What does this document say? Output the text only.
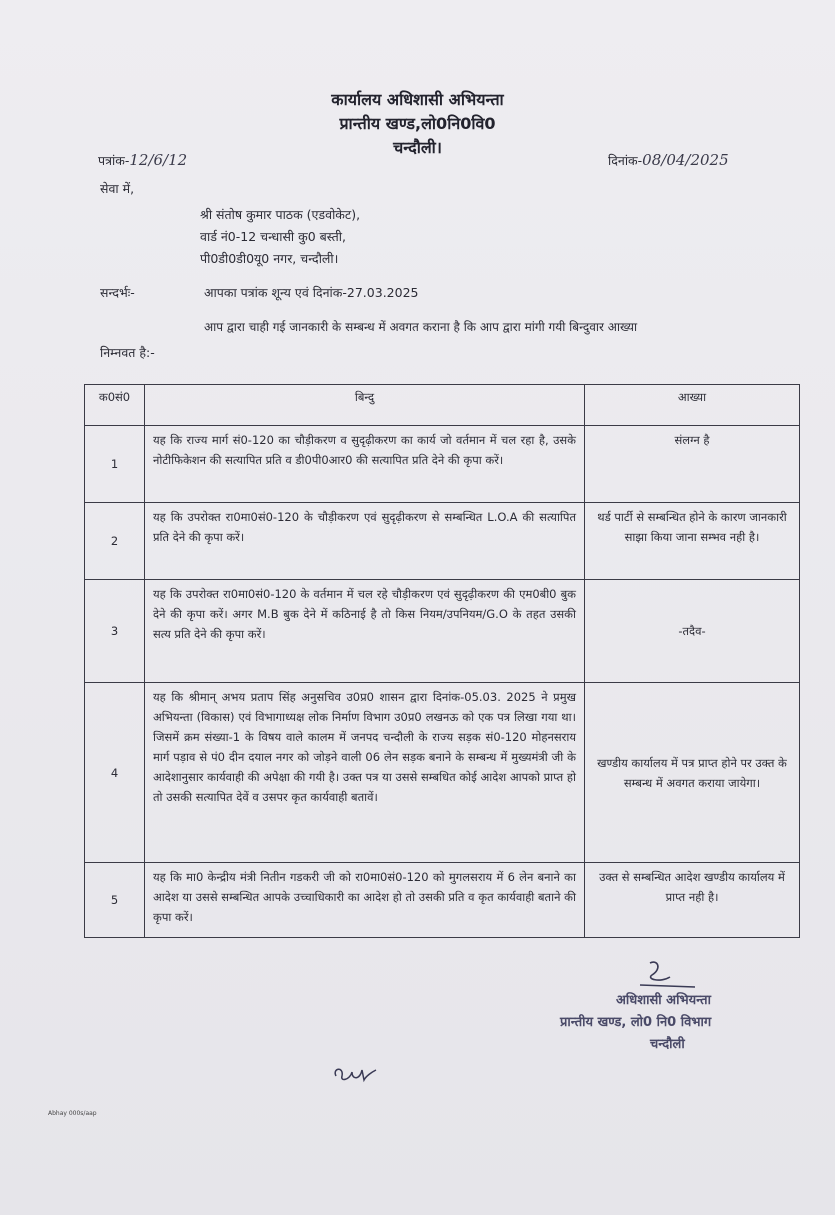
कार्यालय अधिशासी अभियन्ता
प्रान्तीय खण्ड,लो0नि0वि0
चन्दौली।
पत्रांक-12/6/12	दिनांक-08/04/2025
सेवा में,
श्री संतोष कुमार पाठक (एडवोकेट),
वार्ड नं0-12 चन्धासी कु0 बस्ती,
पी0डी0डी0यू0 नगर, चन्दौली।
सन्दर्भः-	आपका पत्रांक शून्य एवं दिनांक-27.03.2025
आप द्वारा चाही गई जानकारी के सम्बन्ध में अवगत कराना है कि आप द्वारा मांगी गयी बिन्दुवार आख्या
निम्नवत है:-
क0सं0	बिन्दु	आख्या
1	यह कि राज्य मार्ग सं0-120 का चौड़ीकरण व सुदृढ़ीकरण का कार्य जो वर्तमान में चल रहा है, उसके नोटीफिकेशन की सत्यापित प्रति व डी0पी0आर0 की सत्यापित प्रति देने की कृपा करें।	संलग्न है
2	यह कि उपरोक्त रा0मा0सं0-120 के चौड़ीकरण एवं सुदृढ़ीकरण से सम्बन्धित L.O.A की सत्यापित प्रति देने की कृपा करें।	थर्ड पार्टी से सम्बन्धित होने के कारण जानकारी साझा किया जाना सम्भव नही है।
3	यह कि उपरोक्त रा0मा0सं0-120 के वर्तमान में चल रहे चौड़ीकरण एवं सुदृढ़ीकरण की एम0बी0 बुक देने की कृपा करें। अगर M.B बुक देने में कठिनाई है तो किस नियम/उपनियम/G.O के तहत उसकी सत्य प्रति देने की कृपा करें।	-तदैव-
4	यह कि श्रीमान् अभय प्रताप सिंह अनुसचिव उ0प्र0 शासन द्वारा दिनांक-05.03. 2025 ने प्रमुख अभियन्ता (विकास) एवं विभागाध्यक्ष लोक निर्माण विभाग उ0प्र0 लखनऊ को एक पत्र लिखा गया था। जिसमें क्रम संख्या-1 के विषय वाले कालम में जनपद चन्दौली के राज्य सड़क सं0-120 मोहनसराय मार्ग पड़ाव से पं0 दीन दयाल नगर को जोड़ने वाली 06 लेन सड़क बनाने के सम्बन्ध में मुख्यमंत्री जी के आदेशानुसार कार्यवाही की अपेक्षा की गयी है। उक्त पत्र या उससे सम्बधित कोई आदेश आपको प्राप्त हो तो उसकी सत्यापित देवें व उसपर कृत कार्यवाही बतावें।	खण्डीय कार्यालय में पत्र प्राप्त होने पर उक्त के सम्बन्ध में अवगत कराया जायेगा।
5	यह कि मा0 केन्द्रीय मंत्री नितीन गडकरी जी को रा0मा0सं0-120 को मुगलसराय में 6 लेन बनाने का आदेश या उससे सम्बन्धित आपके उच्चाधिकारी का आदेश हो तो उसकी प्रति व कृत कार्यवाही बताने की कृपा करें।	उक्त से सम्बन्धित आदेश खण्डीय कार्यालय में प्राप्त नही है।
अधिशासी अभियन्ता
प्रान्तीय खण्ड, लो0 नि0 विभाग
चन्दौली
Abhay 000s/aap
